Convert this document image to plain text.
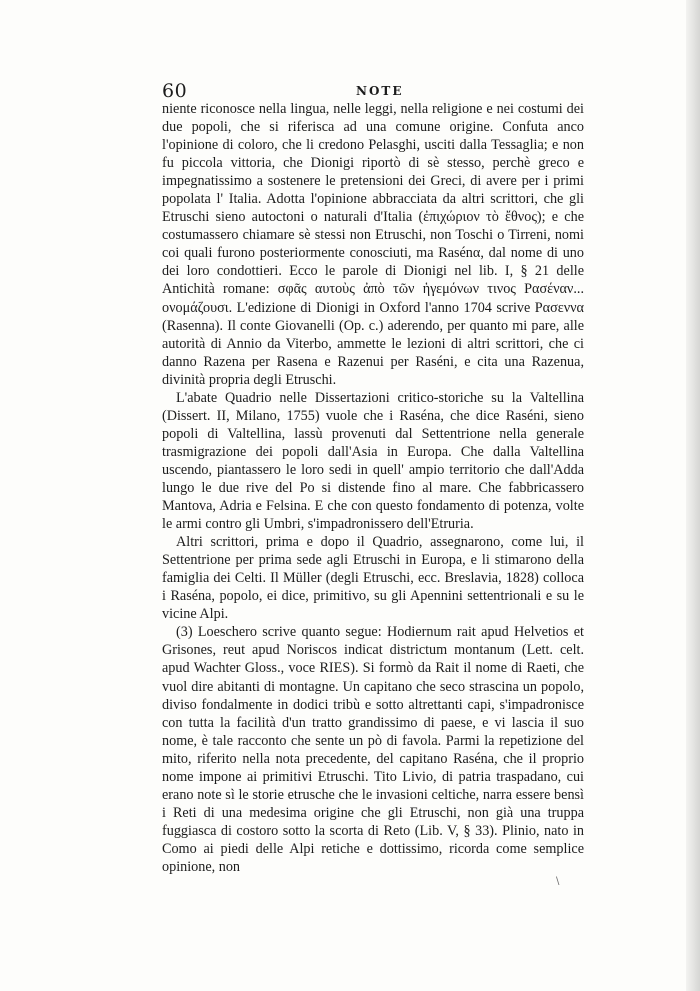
60	NOTE

niente riconosce nella lingua, nelle leggi, nella religione e nei costumi dei due popoli, che si riferisca ad una comune origine. Confuta anco l'opinione di coloro, che li credono Pelasghi, usciti dalla Tessaglia; e non fu piccola vittoria, che Dionigi riportò di sè stesso, perchè greco e impegnatissimo a sostenere le pretensioni dei Greci, di avere per i primi popolata l' Italia. Adotta l'opinione abbracciata da altri scrittori, che gli Etruschi sieno autoctoni o naturali d'Italia (ἐπιχώριον τὸ ἔθνος); e che costumassero chiamare sè stessi non Etruschi, non Toschi o Tirreni, nomi coi quali furono posteriormente conosciuti, ma Rasénα, dal nome di uno dei loro condottieri. Ecco le parole di Dionigi nel lib. I, § 21 delle Antichità romane: σφᾶς αυτοὺς ἀπὸ τῶν ἡγεμόνων τινος Ρασέναν... ονομάζουσι. L'edizione di Dionigi in Oxford l'anno 1704 scrive Ρασεννα (Rasenna). Il conte Giovanelli (Op. c.) aderendo, per quanto mi pare, alle autorità di Annio da Viterbo, ammette le lezioni di altri scrittori, che ci danno Razena per Rasena e Razenui per Raséni, e cita una Razenua, divinità propria degli Etruschi.

L'abate Quadrio nelle Dissertazioni critico-storiche su la Valtellina (Dissert. II, Milano, 1755) vuole che i Raséna, che dice Raséni, sieno popoli di Valtellina, lassù provenuti dal Settentrione nella generale trasmigrazione dei popoli dall'Asia in Europa. Che dalla Valtellina uscendo, piantassero le loro sedi in quell' ampio territorio che dall'Adda lungo le due rive del Po si distende fino al mare. Che fabbricassero Mantova, Adria e Felsina. E che con questo fondamento di potenza, volte le armi contro gli Umbri, s'impadronissero dell'Etruria.

Altri scrittori, prima e dopo il Quadrio, assegnarono, come lui, il Settentrione per prima sede agli Etruschi in Europa, e li stimarono della famiglia dei Celti. Il Müller (degli Etruschi, ecc. Breslavia, 1828) colloca i Raséna, popolo, ei dice, primitivo, su gli Apennini settentrionali e su le vicine Alpi.

(3) Loeschero scrive quanto segue: Hodiernum rait apud Helvetios et Grisones, reut apud Noriscos indicat districtum montanum (Lett. celt. apud Wachter Gloss., voce RIES). Si formò da Rait il nome di Raeti, che vuol dire abitanti di montagne. Un capitano che seco strascina un popolo, diviso fondalmente in dodici tribù e sotto altrettanti capi, s'impadronisce con tutta la facilità d'un tratto grandissimo di paese, e vi lascia il suo nome, è tale racconto che sente un pò di favola. Parmi la repetizione del mito, riferito nella nota precedente, del capitano Raséna, che il proprio nome impone ai primitivi Etruschi. Tito Livio, di patria traspadano, cui erano note sì le storie etrusche che le invasioni celtiche, narra essere bensì i Reti di una medesima origine che gli Etruschi, non già una truppa fuggiasca di costoro sotto la scorta di Reto (Lib. V, § 33). Plinio, nato in Como ai piedi delle Alpi retiche e dottissimo, ricorda come semplice opinione, non

\
